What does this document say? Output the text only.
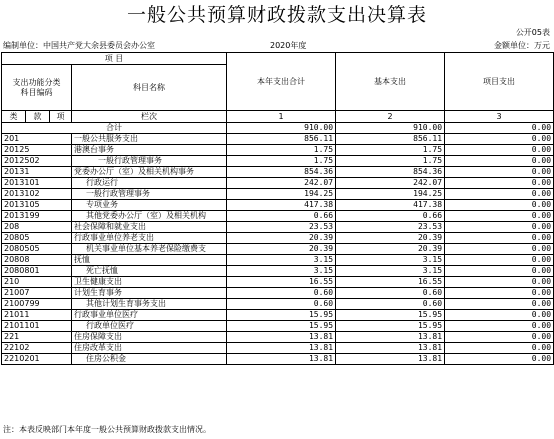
一般公共预算财政拨款支出决算表
公开05表
编制单位：中国共产党大余县委员会办公室	2020年度	金额单位：万元
项 目				本年支出合计	基本支出	项目支出
支出功能分类
科目编码			科目名称			

类	款	项	栏次	1	2	3
合计				910.00	910.00	0.00
201			一般公共服务支出	856.11	856.11	0.00
20125			港澳台事务	1.75	1.75	0.00
2012502			一般行政管理事务	1.75	1.75	0.00
20131			党委办公厅（室）及相关机构事务	854.36	854.36	0.00
2013101			行政运行	242.07	242.07	0.00
2013102			一般行政管理事务	194.25	194.25	0.00
2013105			专项业务	417.38	417.38	0.00
2013199			其他党委办公厅（室）及相关机构	0.66	0.66	0.00
208			社会保障和就业支出	23.53	23.53	0.00
20805			行政事业单位养老支出	20.39	20.39	0.00
2080505			机关事业单位基本养老保险缴费支	20.39	20.39	0.00
20808			抚恤	3.15	3.15	0.00
2080801			死亡抚恤	3.15	3.15	0.00
210			卫生健康支出	16.55	16.55	0.00
21007			计划生育事务	0.60	0.60	0.00
2100799			其他计划生育事务支出	0.60	0.60	0.00
21011			行政事业单位医疗	15.95	15.95	0.00
2101101			行政单位医疗	15.95	15.95	0.00
221			住房保障支出	13.81	13.81	0.00
22102			住房改革支出	13.81	13.81	0.00
2210201			住房公积金	13.81	13.81	0.00
注：本表反映部门本年度一般公共预算财政拨款支出情况。
